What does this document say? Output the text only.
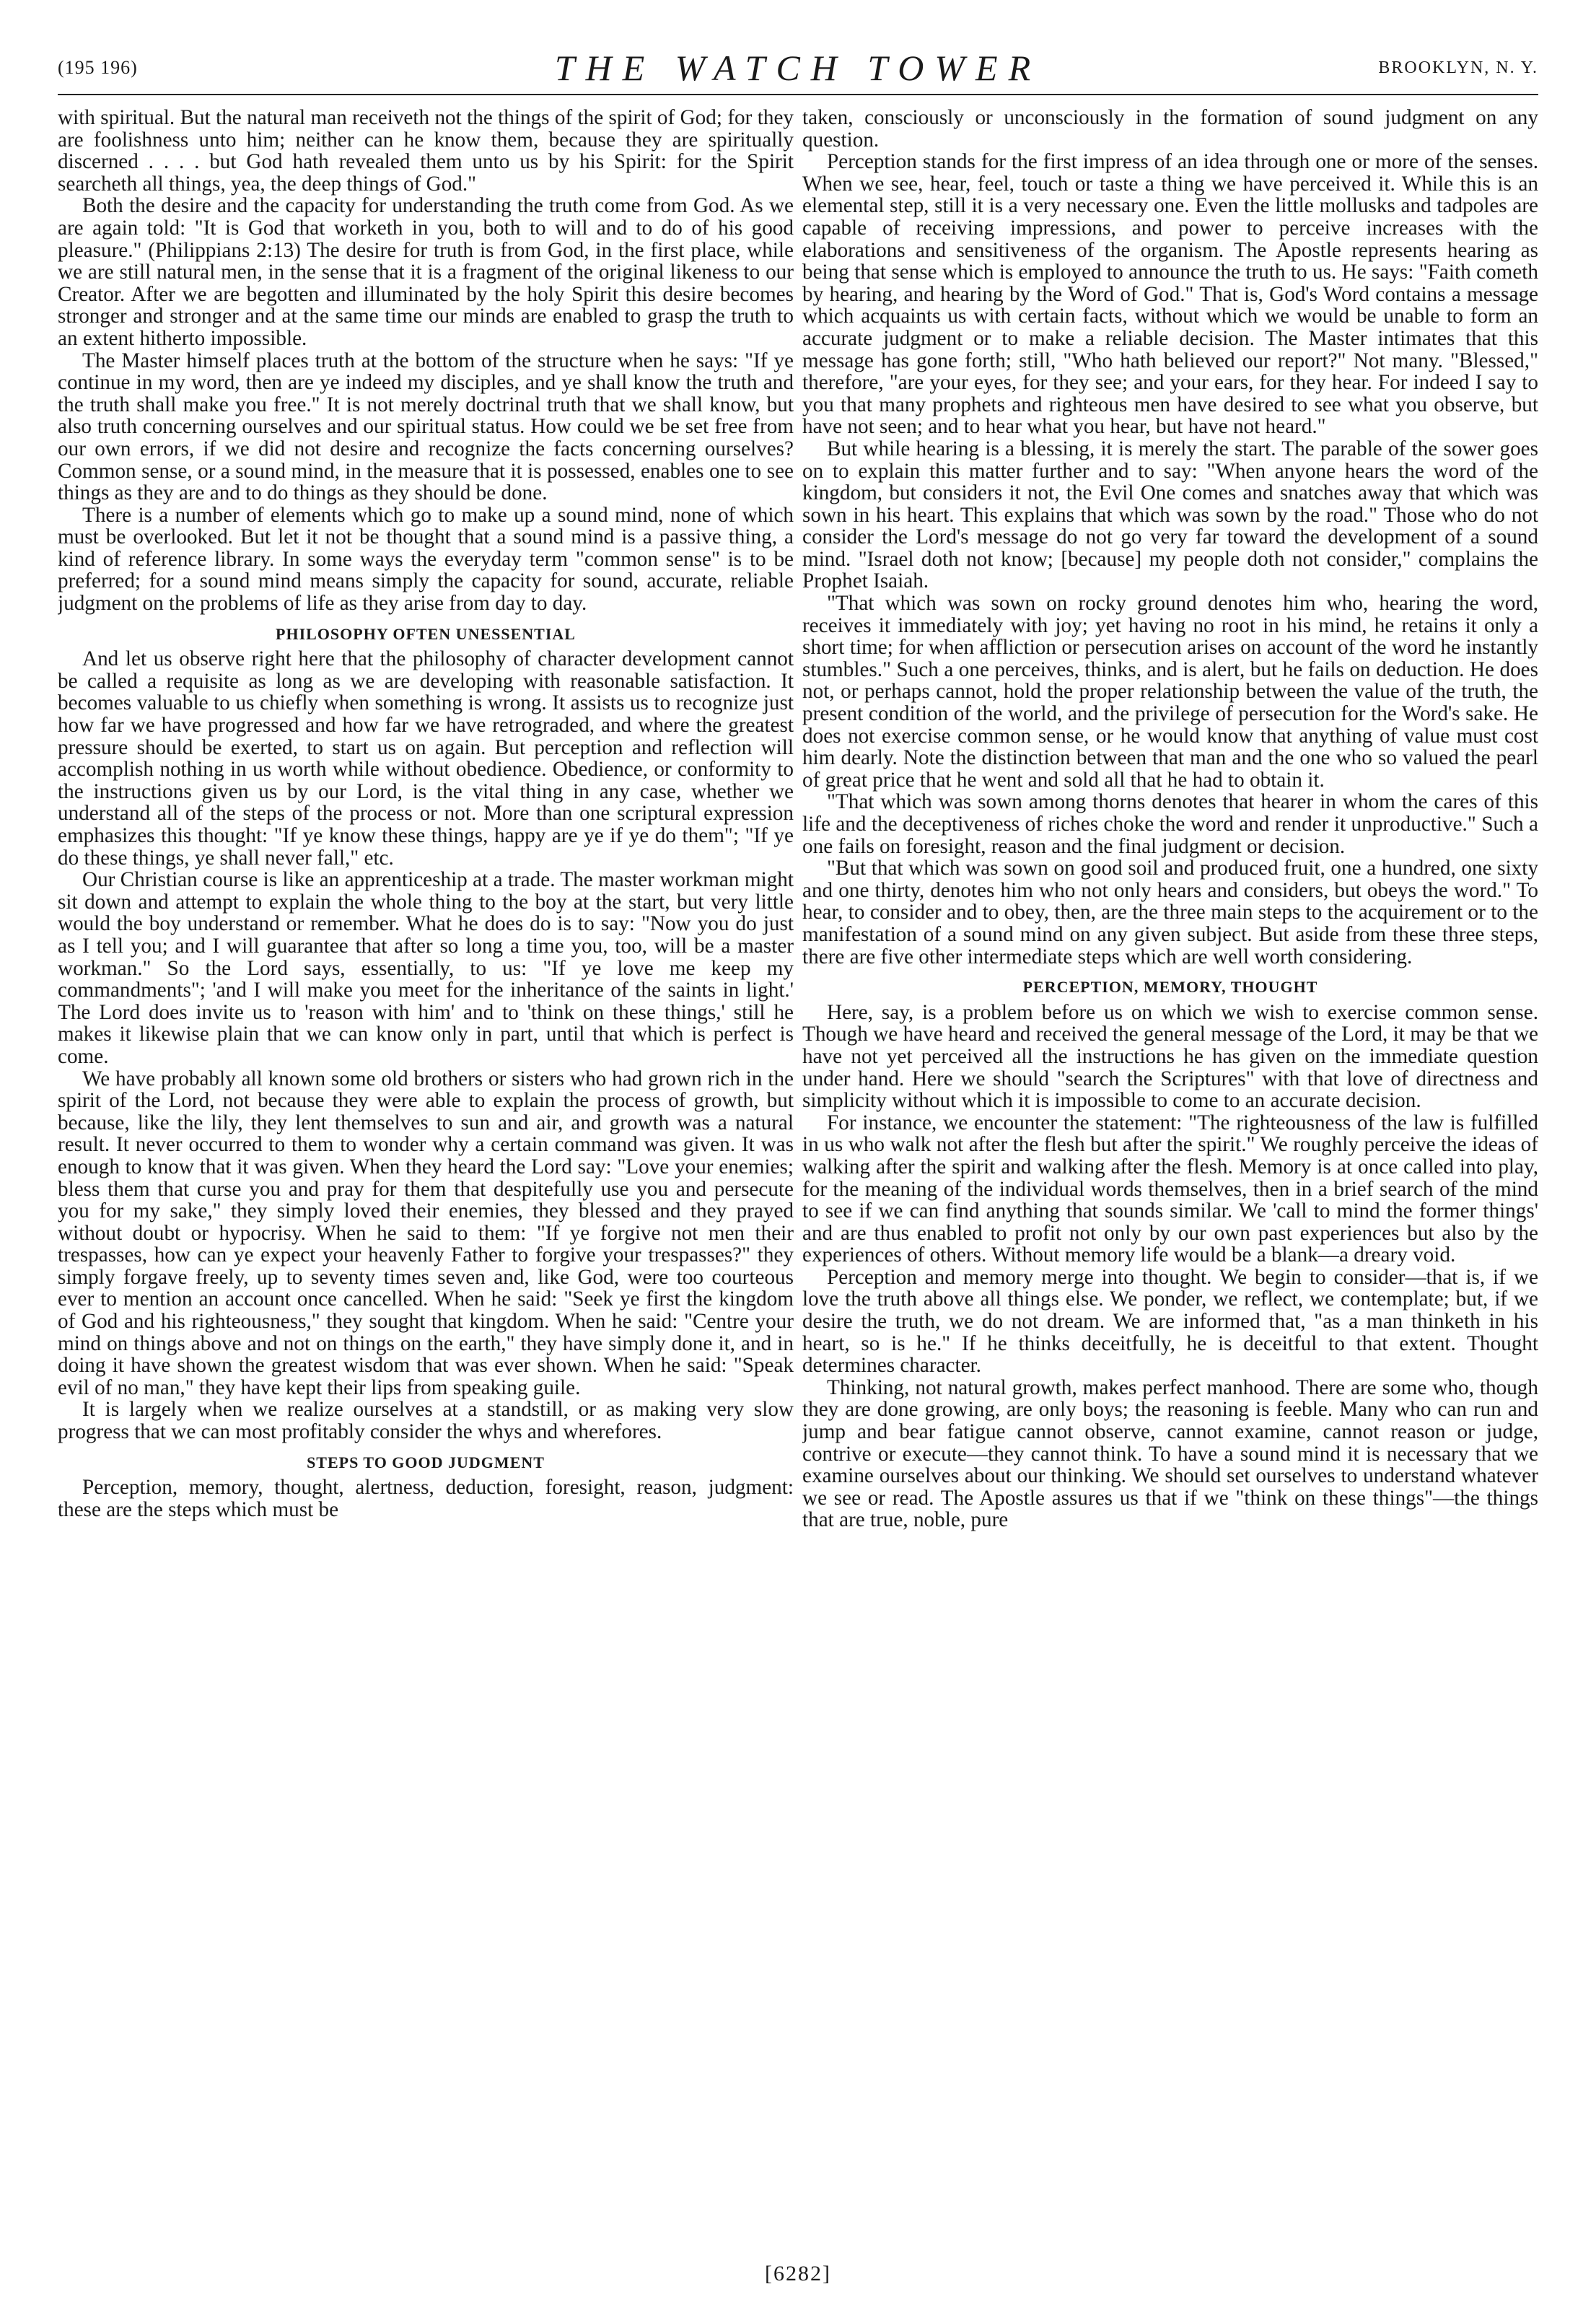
(195 196)	THE WATCH TOWER	BROOKLYN, N. Y.

with spiritual. But the natural man receiveth not the things of the spirit of God; for they are foolishness unto him; neither can he know them, because they are spiritually discerned . . . . but God hath revealed them unto us by his Spirit: for the Spirit searcheth all things, yea, the deep things of God."

Both the desire and the capacity for understanding the truth come from God. As we are again told: "It is God that worketh in you, both to will and to do of his good pleasure." (Philippians 2:13) The desire for truth is from God, in the first place, while we are still natural men, in the sense that it is a fragment of the original likeness to our Creator. After we are begotten and illuminated by the holy Spirit this desire becomes stronger and stronger and at the same time our minds are enabled to grasp the truth to an extent hitherto impossible.

The Master himself places truth at the bottom of the structure when he says: "If ye continue in my word, then are ye indeed my disciples, and ye shall know the truth and the truth shall make you free." It is not merely doctrinal truth that we shall know, but also truth concerning ourselves and our spiritual status. How could we be set free from our own errors, if we did not desire and recognize the facts concerning ourselves? Common sense, or a sound mind, in the measure that it is possessed, enables one to see things as they are and to do things as they should be done.

There is a number of elements which go to make up a sound mind, none of which must be overlooked. But let it not be thought that a sound mind is a passive thing, a kind of reference library. In some ways the everyday term "common sense" is to be preferred; for a sound mind means simply the capacity for sound, accurate, reliable judgment on the problems of life as they arise from day to day.

PHILOSOPHY OFTEN UNESSENTIAL

And let us observe right here that the philosophy of character development cannot be called a requisite as long as we are developing with reasonable satisfaction. It becomes valuable to us chiefly when something is wrong. It assists us to recognize just how far we have progressed and how far we have retrograded, and where the greatest pressure should be exerted, to start us on again. But perception and reflection will accomplish nothing in us worth while without obedience. Obedience, or conformity to the instructions given us by our Lord, is the vital thing in any case, whether we understand all of the steps of the process or not. More than one scriptural expression emphasizes this thought: "If ye know these things, happy are ye if ye do them"; "If ye do these things, ye shall never fall," etc.

Our Christian course is like an apprenticeship at a trade. The master workman might sit down and attempt to explain the whole thing to the boy at the start, but very little would the boy understand or remember. What he does do is to say: "Now you do just as I tell you; and I will guarantee that after so long a time you, too, will be a master workman." So the Lord says, essentially, to us: "If ye love me keep my commandments"; 'and I will make you meet for the inheritance of the saints in light.' The Lord does invite us to 'reason with him' and to 'think on these things,' still he makes it likewise plain that we can know only in part, until that which is perfect is come.

We have probably all known some old brothers or sisters who had grown rich in the spirit of the Lord, not because they were able to explain the process of growth, but because, like the lily, they lent themselves to sun and air, and growth was a natural result. It never occurred to them to wonder why a certain command was given. It was enough to know that it was given. When they heard the Lord say: "Love your enemies; bless them that curse you and pray for them that despitefully use you and persecute you for my sake," they simply loved their enemies, they blessed and they prayed without doubt or hypocrisy. When he said to them: "If ye forgive not men their trespasses, how can ye expect your heavenly Father to forgive your trespasses?" they simply forgave freely, up to seventy times seven and, like God, were too courteous ever to mention an account once cancelled. When he said: "Seek ye first the kingdom of God and his righteousness," they sought that kingdom. When he said: "Centre your mind on things above and not on things on the earth," they have simply done it, and in doing it have shown the greatest wisdom that was ever shown. When he said: "Speak evil of no man," they have kept their lips from speaking guile.

It is largely when we realize ourselves at a standstill, or as making very slow progress that we can most profitably consider the whys and wherefores.

STEPS TO GOOD JUDGMENT

Perception, memory, thought, alertness, deduction, foresight, reason, judgment: these are the steps which must be

taken, consciously or unconsciously in the formation of sound judgment on any question.

Perception stands for the first impress of an idea through one or more of the senses. When we see, hear, feel, touch or taste a thing we have perceived it. While this is an elemental step, still it is a very necessary one. Even the little mollusks and tadpoles are capable of receiving impressions, and power to perceive increases with the elaborations and sensitiveness of the organism. The Apostle represents hearing as being that sense which is employed to announce the truth to us. He says: "Faith cometh by hearing, and hearing by the Word of God." That is, God's Word contains a message which acquaints us with certain facts, without which we would be unable to form an accurate judgment or to make a reliable decision. The Master intimates that this message has gone forth; still, "Who hath believed our report?" Not many. "Blessed," therefore, "are your eyes, for they see; and your ears, for they hear. For indeed I say to you that many prophets and righteous men have desired to see what you observe, but have not seen; and to hear what you hear, but have not heard."

But while hearing is a blessing, it is merely the start. The parable of the sower goes on to explain this matter further and to say: "When anyone hears the word of the kingdom, but considers it not, the Evil One comes and snatches away that which was sown in his heart. This explains that which was sown by the road." Those who do not consider the Lord's message do not go very far toward the development of a sound mind. "Israel doth not know; [because] my people doth not consider," complains the Prophet Isaiah.

"That which was sown on rocky ground denotes him who, hearing the word, receives it immediately with joy; yet having no root in his mind, he retains it only a short time; for when affliction or persecution arises on account of the word he instantly stumbles." Such a one perceives, thinks, and is alert, but he fails on deduction. He does not, or perhaps cannot, hold the proper relationship between the value of the truth, the present condition of the world, and the privilege of persecution for the Word's sake. He does not exercise common sense, or he would know that anything of value must cost him dearly. Note the distinction between that man and the one who so valued the pearl of great price that he went and sold all that he had to obtain it.

"That which was sown among thorns denotes that hearer in whom the cares of this life and the deceptiveness of riches choke the word and render it unproductive." Such a one fails on foresight, reason and the final judgment or decision.

"But that which was sown on good soil and produced fruit, one a hundred, one sixty and one thirty, denotes him who not only hears and considers, but obeys the word." To hear, to consider and to obey, then, are the three main steps to the acquirement or to the manifestation of a sound mind on any given subject. But aside from these three steps, there are five other intermediate steps which are well worth considering.

PERCEPTION, MEMORY, THOUGHT

Here, say, is a problem before us on which we wish to exercise common sense. Though we have heard and received the general message of the Lord, it may be that we have not yet perceived all the instructions he has given on the immediate question under hand. Here we should "search the Scriptures" with that love of directness and simplicity without which it is impossible to come to an accurate decision.

For instance, we encounter the statement: "The righteousness of the law is fulfilled in us who walk not after the flesh but after the spirit." We roughly perceive the ideas of walking after the spirit and walking after the flesh. Memory is at once called into play, for the meaning of the individual words themselves, then in a brief search of the mind to see if we can find anything that sounds similar. We 'call to mind the former things' and are thus enabled to profit not only by our own past experiences but also by the experiences of others. Without memory life would be a blank—a dreary void.

Perception and memory merge into thought. We begin to consider—that is, if we love the truth above all things else. We ponder, we reflect, we contemplate; but, if we desire the truth, we do not dream. We are informed that, "as a man thinketh in his heart, so is he." If he thinks deceitfully, he is deceitful to that extent. Thought determines character.

Thinking, not natural growth, makes perfect manhood. There are some who, though they are done growing, are only boys; the reasoning is feeble. Many who can run and jump and bear fatigue cannot observe, cannot examine, cannot reason or judge, contrive or execute—they cannot think. To have a sound mind it is necessary that we examine ourselves about our thinking. We should set ourselves to understand whatever we see or read. The Apostle assures us that if we "think on these things"—the things that are true, noble, pure

[6282]
